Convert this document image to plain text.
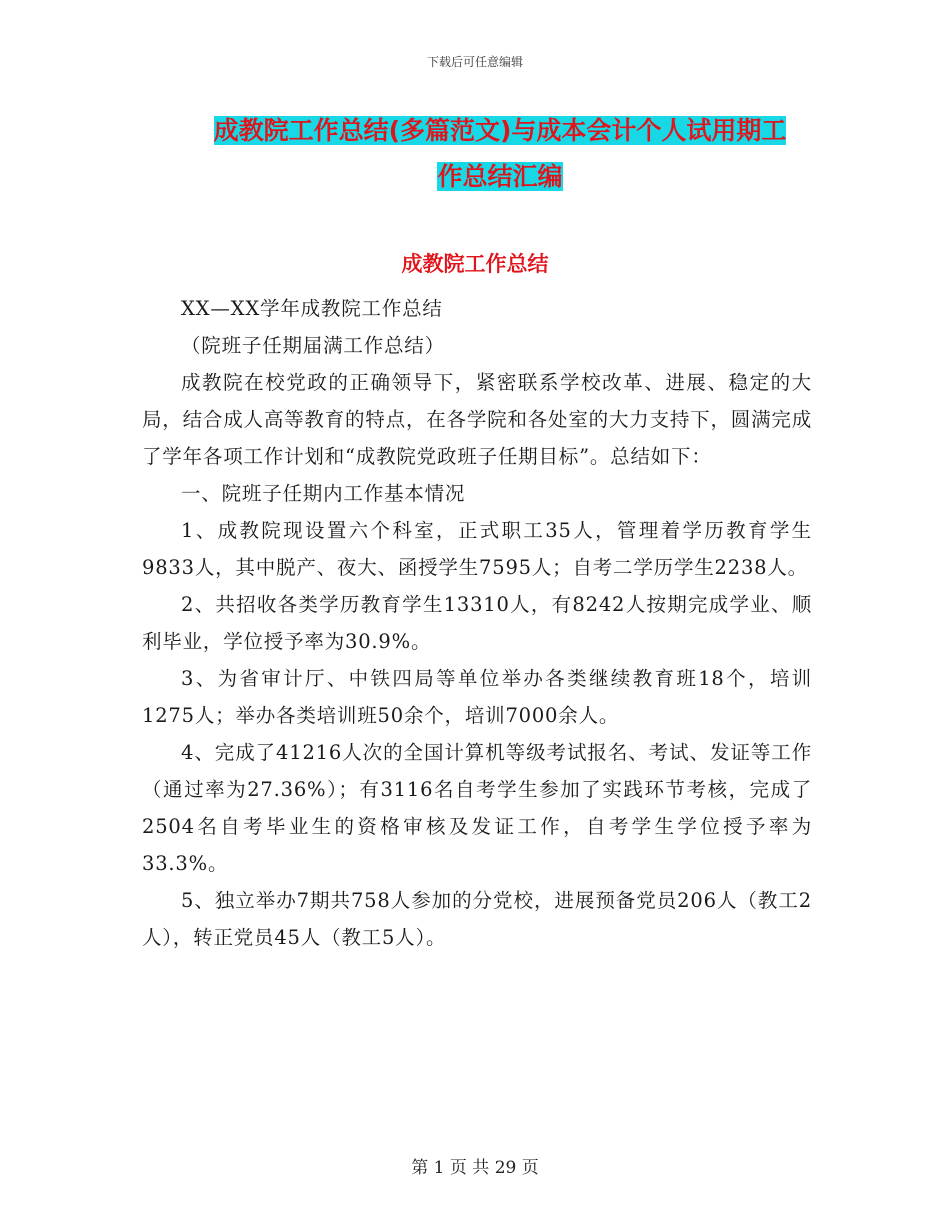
下载后可任意编辑
成教院工作总结(多篇范文)与成本会计个人试用期工
作总结汇编
成教院工作总结

XX—XX学年成教院工作总结

（院班子任期届满工作总结）

成教院在校党政的正确领导下，紧密联系学校改革、进展、稳定的大局，结合成人高等教育的特点，在各学院和各处室的大力支持下，圆满完成了学年各项工作计划和“成教院党政班子任期目标”。总结如下：

一、院班子任期内工作基本情况

1、成教院现设置六个科室，正式职工35人，管理着学历教育学生9833人，其中脱产、夜大、函授学生7595人；自考二学历学生2238人。

2、共招收各类学历教育学生13310人，有8242人按期完成学业、顺利毕业，学位授予率为30.9%。

3、为省审计厅、中铁四局等单位举办各类继续教育班18个，培训1275人；举办各类培训班50余个，培训7000余人。

4、完成了41216人次的全国计算机等级考试报名、考试、发证等工作（通过率为27.36%）；有3116名自考学生参加了实践环节考核，完成了2504名自考毕业生的资格审核及发证工作，自考学生学位授予率为33.3%。

5、独立举办7期共758人参加的分党校，进展预备党员206人（教工2人），转正党员45人（教工5人）。

第 1 页 共 29 页
